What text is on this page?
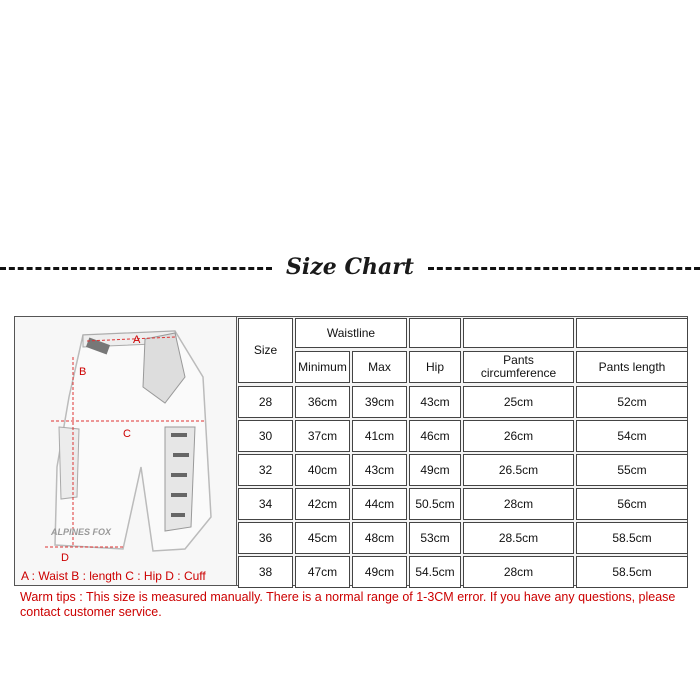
Size Chart
A
B
C
D
ALPINES FOX
A : Waist B : length C : Hip D : Cuff
Size
Waistline
Minimum	Max	Hip	Pants circumference	Pants length
28	36cm	39cm	43cm	25cm	52cm
30	37cm	41cm	46cm	26cm	54cm
32	40cm	43cm	49cm	26.5cm	55cm
34	42cm	44cm	50.5cm	28cm	56cm
36	45cm	48cm	53cm	28.5cm	58.5cm
38	47cm	49cm	54.5cm	28cm	58.5cm
Warm tips : This size is measured manually. There is a normal range of 1-3CM error. If you have any questions, please contact customer service.
